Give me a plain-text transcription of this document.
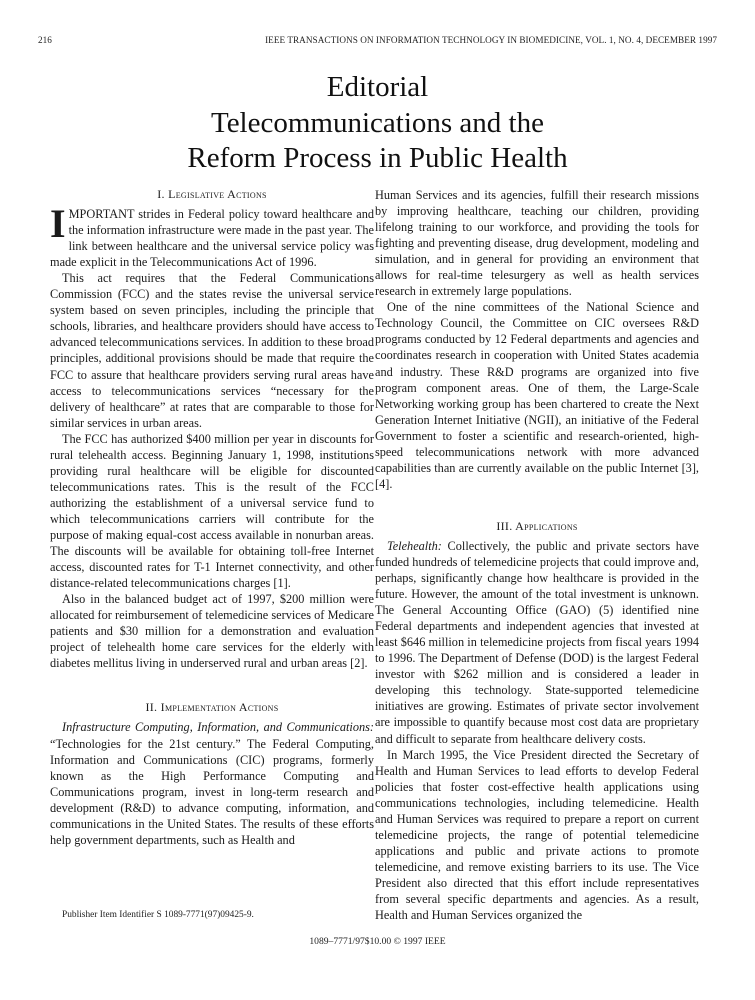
216	IEEE TRANSACTIONS ON INFORMATION TECHNOLOGY IN BIOMEDICINE, VOL. 1, NO. 4, DECEMBER 1997
Editorial
Telecommunications and the
Reform Process in Public Health
I. Legislative Actions

IMPORTANT strides in Federal policy toward healthcare and the information infrastructure were made in the past year. The link between healthcare and the universal service policy was made explicit in the Telecommunications Act of 1996.

This act requires that the Federal Communications Commission (FCC) and the states revise the universal service system based on seven principles, including the principle that schools, libraries, and healthcare providers should have access to advanced telecommunications services. In addition to these broad principles, additional provisions should be made that require the FCC to assure that healthcare providers serving rural areas have access to telecommunications services “necessary for the delivery of healthcare” at rates that are comparable to those for similar services in urban areas.

The FCC has authorized $400 million per year in discounts for rural telehealth access. Beginning January 1, 1998, institutions providing rural healthcare will be eligible for discounted telecommunications rates. This is the result of the FCC authorizing the establishment of a universal service fund to which telecommunications carriers will contribute for the purpose of making equal-cost access available in nonurban areas. The discounts will be available for obtaining toll-free Internet access, discounted rates for T-1 Internet connectivity, and other distance-related telecommunications charges [1].

Also in the balanced budget act of 1997, $200 million were allocated for reimbursement of telemedicine services of Medicare patients and $30 million for a demonstration and evaluation project of telehealth home care services for the elderly with diabetes mellitus living in underserved rural and urban areas [2].

II. Implementation Actions

Infrastructure Computing, Information, and Communications: “Technologies for the 21st century.” The Federal Computing, Information and Communications (CIC) programs, formerly known as the High Performance Computing and Communications program, invest in long-term research and development (R&D) to advance computing, information, and communications in the United States. The results of these efforts help government departments, such as Health and

Human Services and its agencies, fulfill their research missions by improving healthcare, teaching our children, providing lifelong training to our workforce, and providing the tools for fighting and preventing disease, drug development, modeling and simulation, and in general for providing an environment that allows for real-time telesurgery as well as health services research in extremely large populations.

One of the nine committees of the National Science and Technology Council, the Committee on CIC oversees R&D programs conducted by 12 Federal departments and agencies and coordinates research in cooperation with United States academia and industry. These R&D programs are organized into five program component areas. One of them, the Large-Scale Networking working group has been chartered to create the Next Generation Internet Initiative (NGII), an initiative of the Federal Government to foster a scientific and research-oriented, high-speed telecommunications network with more advanced capabilities than are currently available on the public Internet [3], [4].

III. Applications

Telehealth: Collectively, the public and private sectors have funded hundreds of telemedicine projects that could improve and, perhaps, significantly change how healthcare is provided in the future. However, the amount of the total investment is unknown. The General Accounting Office (GAO) (5) identified nine Federal departments and independent agencies that invested at least $646 million in telemedicine projects from fiscal years 1994 to 1996. The Department of Defense (DOD) is the largest Federal investor with $262 million and is considered a leader in developing this technology. State-supported telemedicine initiatives are growing. Estimates of private sector involvement are impossible to quantify because most cost data are proprietary and difficult to separate from healthcare delivery costs.

In March 1995, the Vice President directed the Secretary of Health and Human Services to lead efforts to develop Federal policies that foster cost-effective health applications using communications technologies, including telemedicine. Health and Human Services was required to prepare a report on current telemedicine projects, the range of potential telemedicine applications and public and private actions to promote telemedicine, and remove existing barriers to its use. The Vice President also directed that this effort include representatives from several specific departments and agencies. As a result, Health and Human Services organized the

Publisher Item Identifier S 1089-7771(97)09425-9.
1089–7771/97$10.00 © 1997 IEEE
